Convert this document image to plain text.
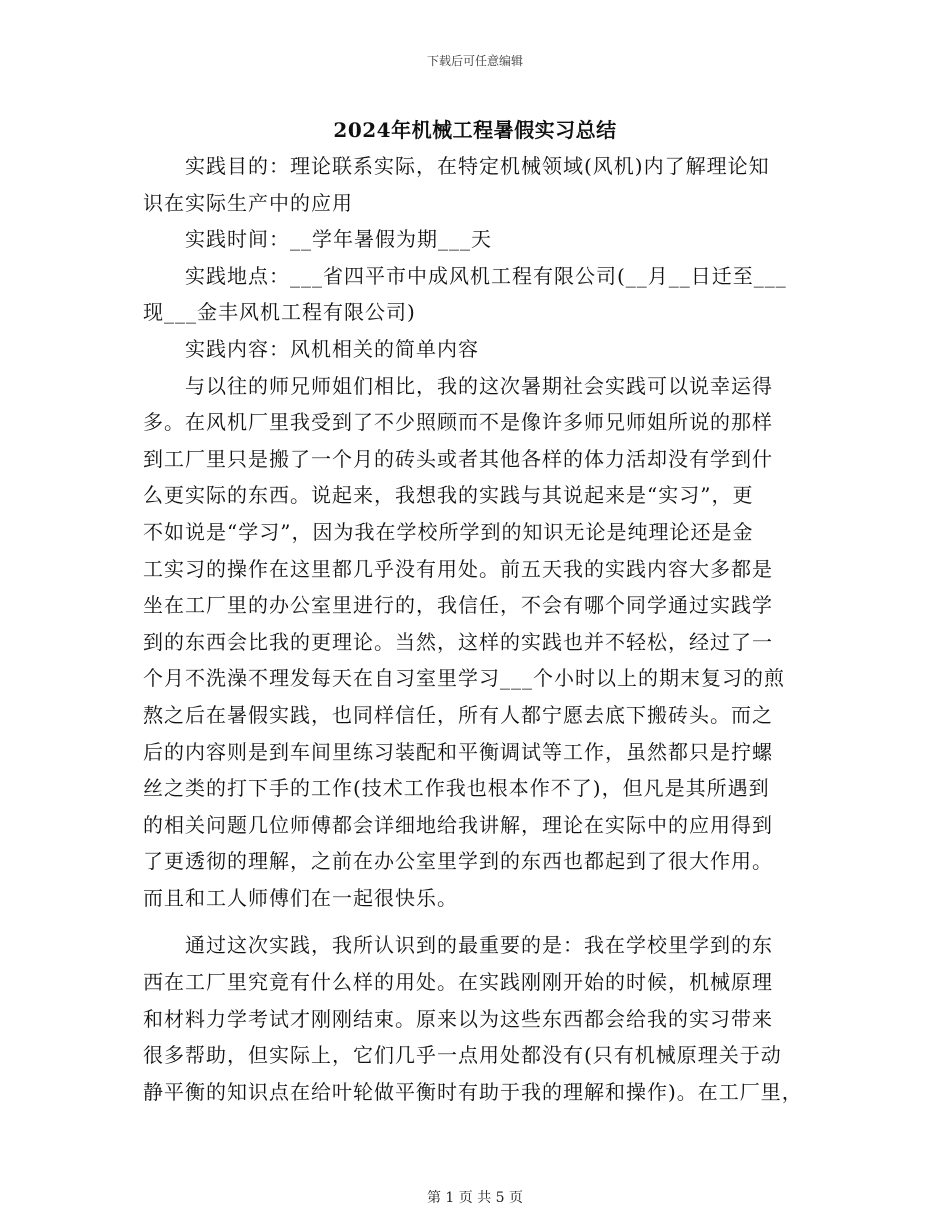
下载后可任意编辑
2024年机械工程暑假实习总结
　　实践目的：理论联系实际，在特定机械领域(风机)内了解理论知
识在实际生产中的应用
　　实践时间：__学年暑假为期___天
　　实践地点：___省四平市中成风机工程有限公司(__月__日迁至___
现___金丰风机工程有限公司)
　　实践内容：风机相关的简单内容
　　与以往的师兄师姐们相比，我的这次暑期社会实践可以说幸运得
多。在风机厂里我受到了不少照顾而不是像许多师兄师姐所说的那样
到工厂里只是搬了一个月的砖头或者其他各样的体力活却没有学到什
么更实际的东西。说起来，我想我的实践与其说起来是“实习”，更
不如说是“学习”，因为我在学校所学到的知识无论是纯理论还是金
工实习的操作在这里都几乎没有用处。前五天我的实践内容大多都是
坐在工厂里的办公室里进行的，我信任，不会有哪个同学通过实践学
到的东西会比我的更理论。当然，这样的实践也并不轻松，经过了一
个月不洗澡不理发每天在自习室里学习___个小时以上的期末复习的煎
熬之后在暑假实践，也同样信任，所有人都宁愿去底下搬砖头。而之
后的内容则是到车间里练习装配和平衡调试等工作，虽然都只是拧螺
丝之类的打下手的工作(技术工作我也根本作不了)，但凡是其所遇到
的相关问题几位师傅都会详细地给我讲解，理论在实际中的应用得到
了更透彻的理解，之前在办公室里学到的东西也都起到了很大作用。
而且和工人师傅们在一起很快乐。
　　通过这次实践，我所认识到的最重要的是：我在学校里学到的东
西在工厂里究竟有什么样的用处。在实践刚刚开始的时候，机械原理
和材料力学考试才刚刚结束。原来以为这些东西都会给我的实习带来
很多帮助，但实际上，它们几乎一点用处都没有(只有机械原理关于动
静平衡的知识点在给叶轮做平衡时有助于我的理解和操作)。在工厂里，
第 1 页 共 5 页
